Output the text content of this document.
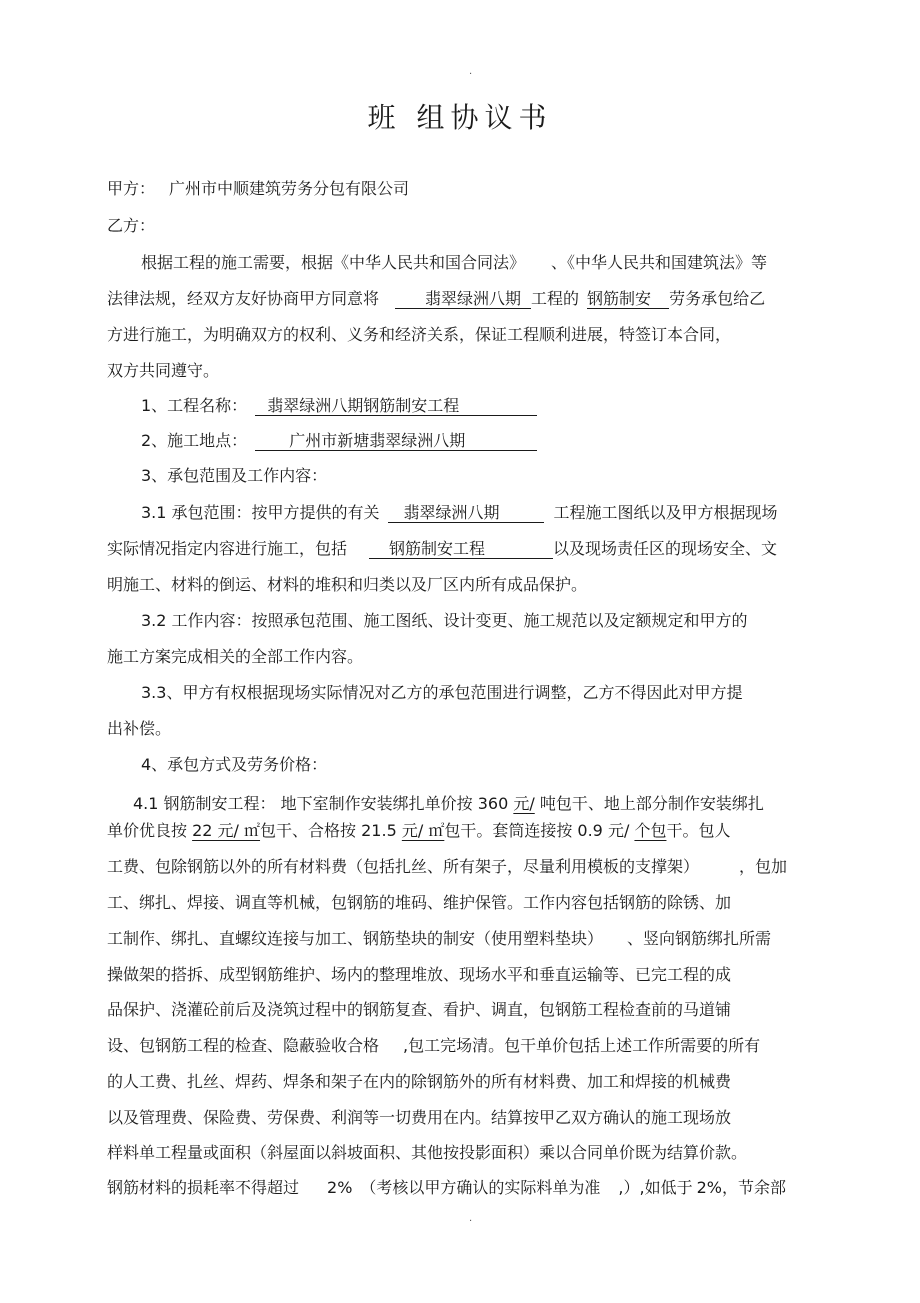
.
班 组协议书
甲方： 广州市中顺建筑劳务分包有限公司
乙方：
根据工程的施工需要，根据《中华人民共和国合同法》 、《中华人民共和国建筑法》等
法律法规，经双方友好协商甲方同意将	翡翠绿洲八期 工程的 钢筋制安 劳务承包给乙
方进行施工，为明确双方的权利、义务和经济关系，保证工程顺利进展，特签订本合同，
双方共同遵守。
1、工程名称： 翡翠绿洲八期钢筋制安工程
2、施工地点：	广州市新塘翡翠绿洲八期
3、承包范围及工作内容：
3.1 承包范围：按甲方提供的有关 翡翠绿洲八期	工程施工图纸以及甲方根据现场
实际情况指定内容进行施工，包括	钢筋制安工程	以及现场责任区的现场安全、文
明施工、材料的倒运、材料的堆积和归类以及厂区内所有成品保护。
3.2 工作内容：按照承包范围、施工图纸、设计变更、施工规范以及定额规定和甲方的
施工方案完成相关的全部工作内容。
3.3、甲方有权根据现场实际情况对乙方的承包范围进行调整，乙方不得因此对甲方提
出补偿。
4、承包方式及劳务价格：
4.1 钢筋制安工程： 地下室制作安装绑扎单价按 360 元/ 吨包干、地上部分制作安装绑扎
单价优良按 22 元/ ㎡包干、合格按 21.5 元/ ㎡包干。套筒连接按 0.9 元/ 个包干。包人
工费、包除钢筋以外的所有材料费（包括扎丝、所有架子，尽量利用模板的支撑架）	，包加
工、绑扎、焊接、调直等机械，包钢筋的堆码、维护保管。工作内容包括钢筋的除锈、加
工制作、绑扎、直螺纹连接与加工、钢筋垫块的制安（使用塑料垫块） 、竖向钢筋绑扎所需
操做架的搭拆、成型钢筋维护、场内的整理堆放、现场水平和垂直运输等、已完工程的成
品保护、浇灌砼前后及浇筑过程中的钢筋复查、看护、调直，包钢筋工程检查前的马道铺
设、包钢筋工程的检查、隐蔽验收合格 ,包工完场清。包干单价包括上述工作所需要的所有
的人工费、扎丝、焊药、焊条和架子在内的除钢筋外的所有材料费、加工和焊接的机械费
以及管理费、保险费、劳保费、利润等一切费用在内。结算按甲乙双方确认的施工现场放
样料单工程量或面积（斜屋面以斜坡面积、其他按投影面积）乘以合同单价既为结算价款。
钢筋材料的损耗率不得超过 2% （考核以甲方确认的实际料单为准 ,）,如低于 2%，节余部
.
